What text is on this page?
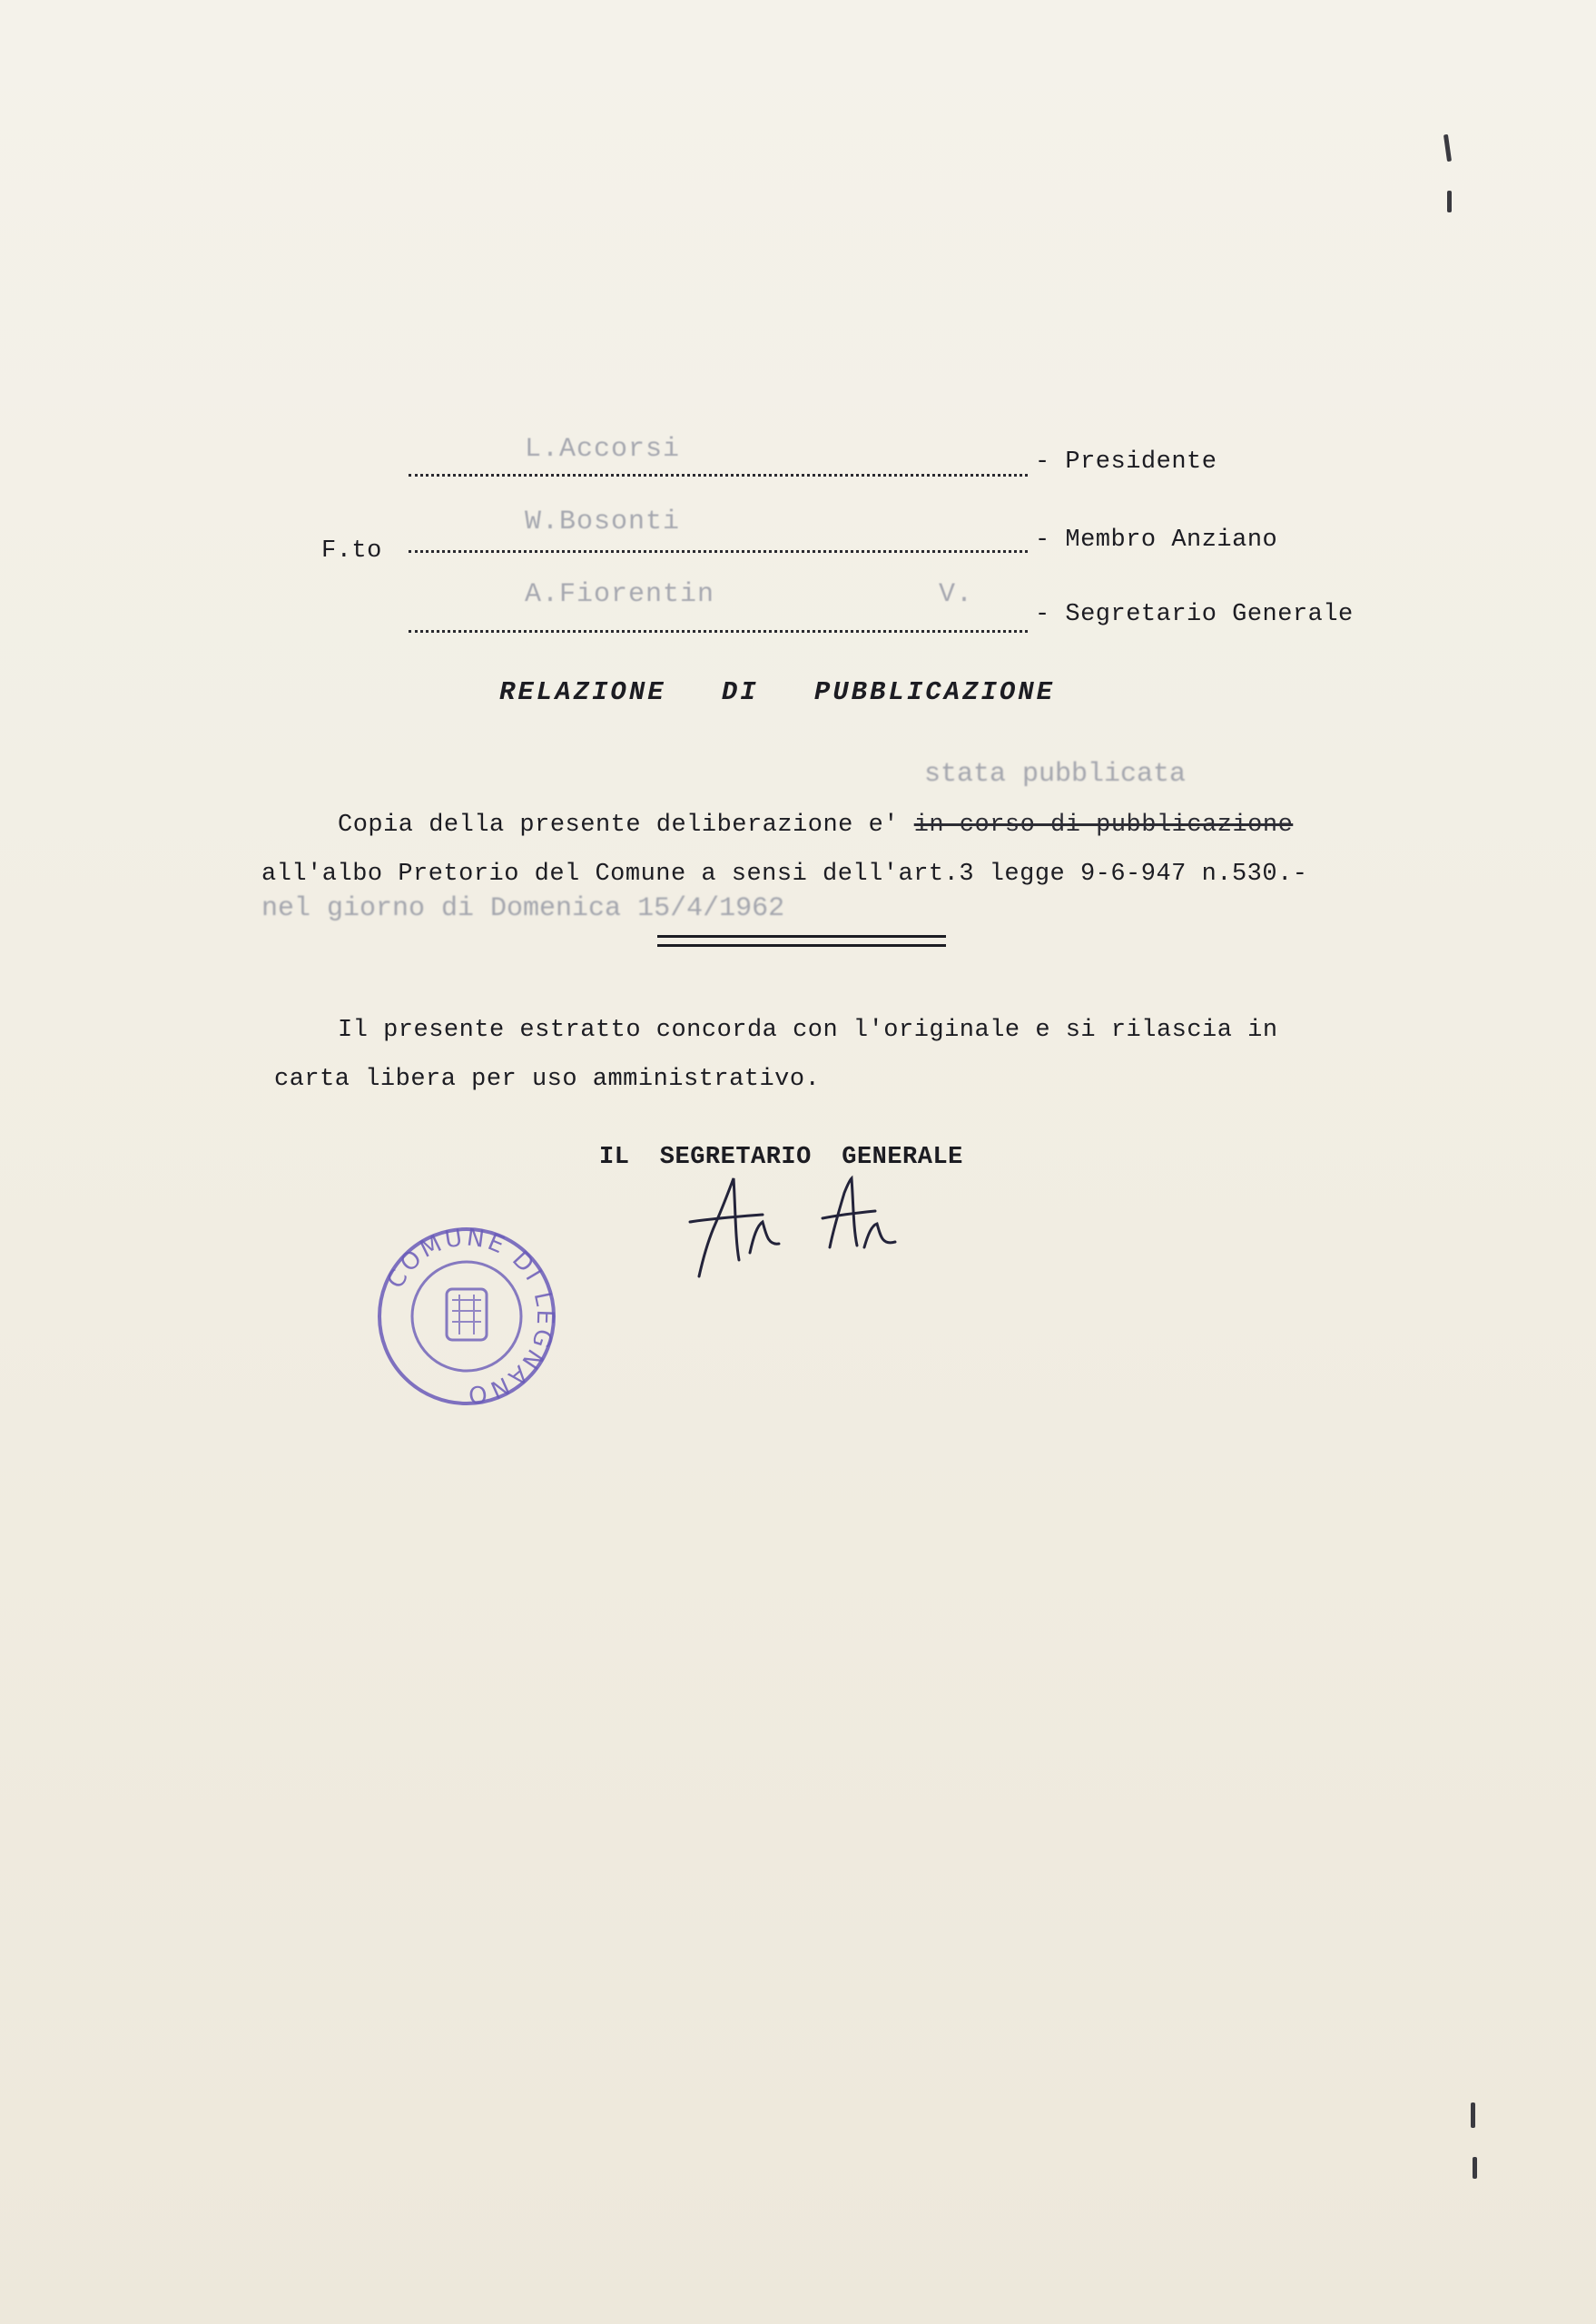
L.Accorsi	- Presidente
F.to
W.Bosonti
- Membro Anziano
A.Fiorentin	V.
- Segretario Generale
RELAZIONE   DI   PUBBLICAZIONE
stata pubblicata
Copia della presente deliberazione e' in corso di pubblicazione
all'albo Pretorio del Comune a sensi dell'art.3 legge 9-6-947 n.530.-
nel giorno di Domenica 15/4/1962
Il presente estratto concorda con l'originale e si rilascia in
carta libera per uso amministrativo.
IL  SEGRETARIO  GENERALE
COMUNE DI LEGNANO
